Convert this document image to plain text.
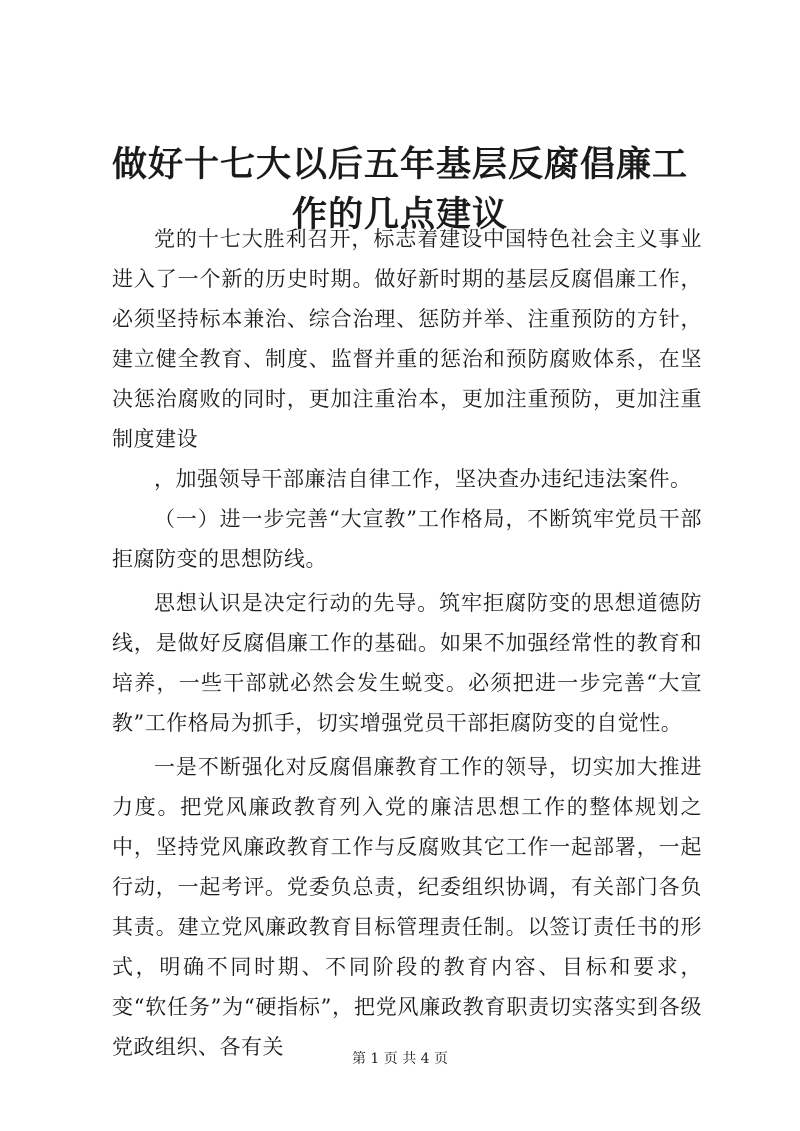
做好十七大以后五年基层反腐倡廉工作的几点建议

党的十七大胜利召开，标志着建设中国特色社会主义事业进入了一个新的历史时期。做好新时期的基层反腐倡廉工作，必须坚持标本兼治、综合治理、惩防并举、注重预防的方针，建立健全教育、制度、监督并重的惩治和预防腐败体系，在坚决惩治腐败的同时，更加注重治本，更加注重预防，更加注重制度建设

，加强领导干部廉洁自律工作，坚决查办违纪违法案件。

（一）进一步完善“大宣教”工作格局，不断筑牢党员干部拒腐防变的思想防线。

思想认识是决定行动的先导。筑牢拒腐防变的思想道德防线，是做好反腐倡廉工作的基础。如果不加强经常性的教育和培养，一些干部就必然会发生蜕变。必须把进一步完善“大宣教”工作格局为抓手，切实增强党员干部拒腐防变的自觉性。

一是不断强化对反腐倡廉教育工作的领导，切实加大推进力度。把党风廉政教育列入党的廉洁思想工作的整体规划之中，坚持党风廉政教育工作与反腐败其它工作一起部署，一起行动，一起考评。党委负总责，纪委组织协调，有关部门各负其责。建立党风廉政教育目标管理责任制。以签订责任书的形式，明确不同时期、不同阶段的教育内容、目标和要求，变“软任务”为“硬指标”，把党风廉政教育职责切实落实到各级党政组织、各有关	第 1 页 共 4 页
